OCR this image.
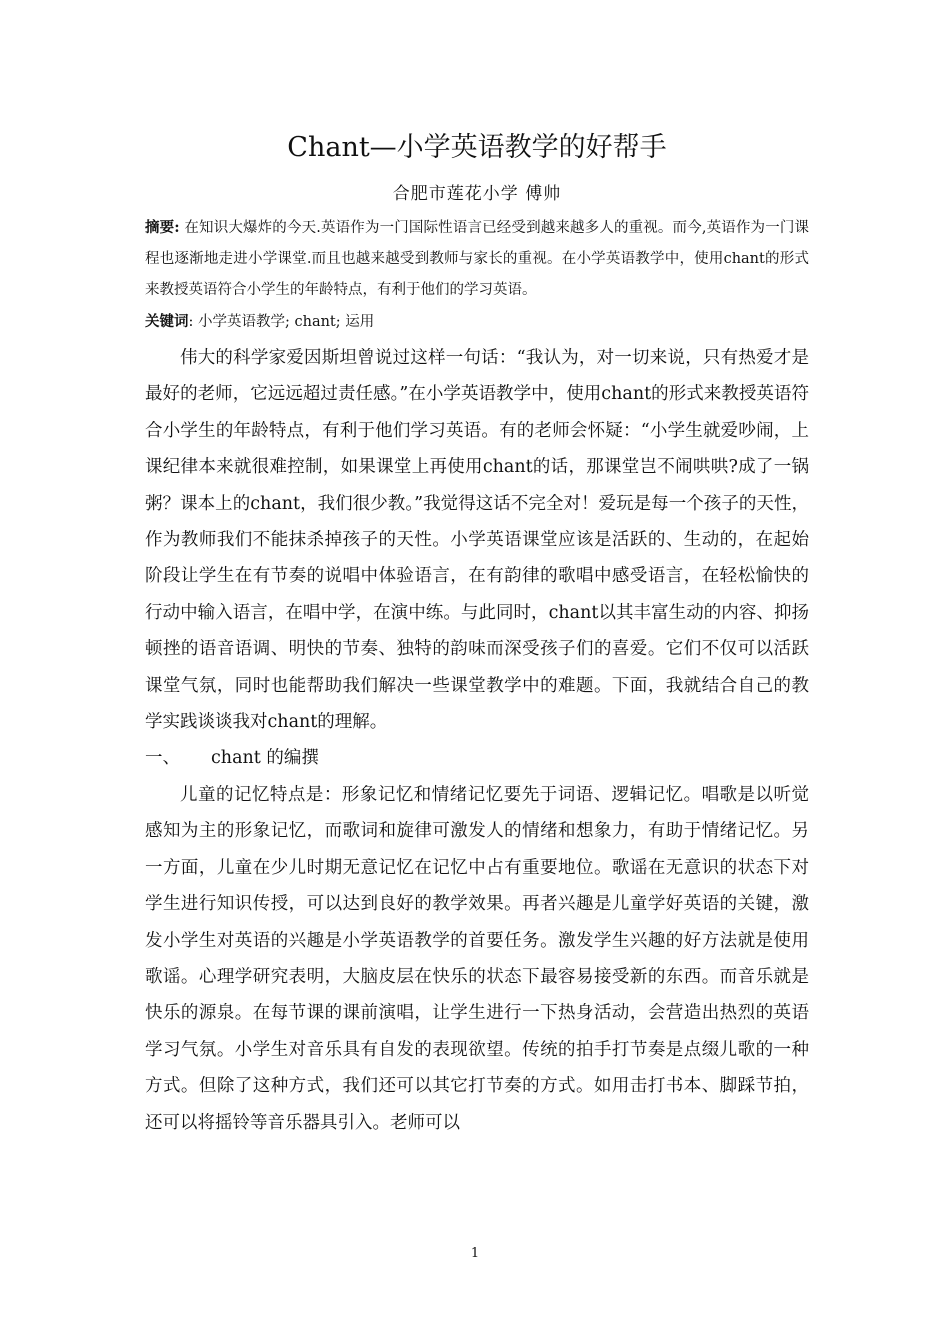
Chant—小学英语教学的好帮手

合肥市莲花小学 傅帅

摘要: 在知识大爆炸的今天.英语作为一门国际性语言已经受到越来越多人的重视。而今,英语作为一门课程也逐渐地走进小学课堂.而且也越来越受到教师与家长的重视。在小学英语教学中，使用chant的形式来教授英语符合小学生的年龄特点，有利于他们的学习英语。

关键词: 小学英语教学; chant; 运用

伟大的科学家爱因斯坦曾说过这样一句话：“我认为，对一切来说，只有热爱才是最好的老师，它远远超过责任感。”在小学英语教学中，使用chant的形式来教授英语符合小学生的年龄特点，有利于他们学习英语。有的老师会怀疑：“小学生就爱吵闹，上课纪律本来就很难控制，如果课堂上再使用chant的话，那课堂岂不闹哄哄?成了一锅粥？课本上的chant，我们很少教。”我觉得这话不完全对！爱玩是每一个孩子的天性，作为教师我们不能抹杀掉孩子的天性。小学英语课堂应该是活跃的、生动的，在起始阶段让学生在有节奏的说唱中体验语言，在有韵律的歌唱中感受语言，在轻松愉快的行动中输入语言，在唱中学，在演中练。与此同时，chant以其丰富生动的内容、抑扬顿挫的语音语调、明快的节奏、独特的韵味而深受孩子们的喜爱。它们不仅可以活跃课堂气氛，同时也能帮助我们解决一些课堂教学中的难题。下面，我就结合自己的教学实践谈谈我对chant的理解。

一、	chant 的编撰

儿童的记忆特点是：形象记忆和情绪记忆要先于词语、逻辑记忆。唱歌是以听觉感知为主的形象记忆，而歌词和旋律可激发人的情绪和想象力，有助于情绪记忆。另一方面，儿童在少儿时期无意记忆在记忆中占有重要地位。歌谣在无意识的状态下对学生进行知识传授，可以达到良好的教学效果。再者兴趣是儿童学好英语的关键，激发小学生对英语的兴趣是小学英语教学的首要任务。激发学生兴趣的好方法就是使用歌谣。心理学研究表明，大脑皮层在快乐的状态下最容易接受新的东西。而音乐就是快乐的源泉。在每节课的课前演唱，让学生进行一下热身活动，会营造出热烈的英语学习气氛。小学生对音乐具有自发的表现欲望。传统的拍手打节奏是点缀儿歌的一种方式。但除了这种方式，我们还可以其它打节奏的方式。如用击打书本、脚踩节拍，还可以将摇铃等音乐器具引入。老师可以

1
